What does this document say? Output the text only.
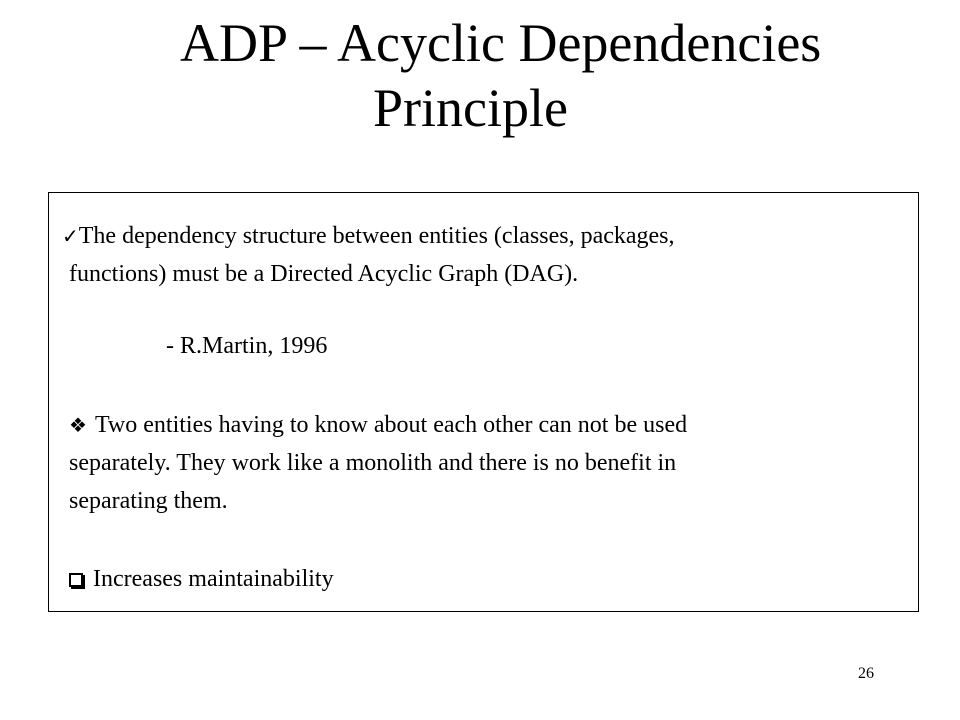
ADP – Acyclic Dependencies
Principle
✓The dependency structure between entities (classes, packages,
functions) must be a Directed Acyclic Graph (DAG).
- R.Martin, 1996
❖ Two entities having to know about each other can not be used
separately. They work like a monolith and there is no benefit in
separating them.
Increases maintainability
26
